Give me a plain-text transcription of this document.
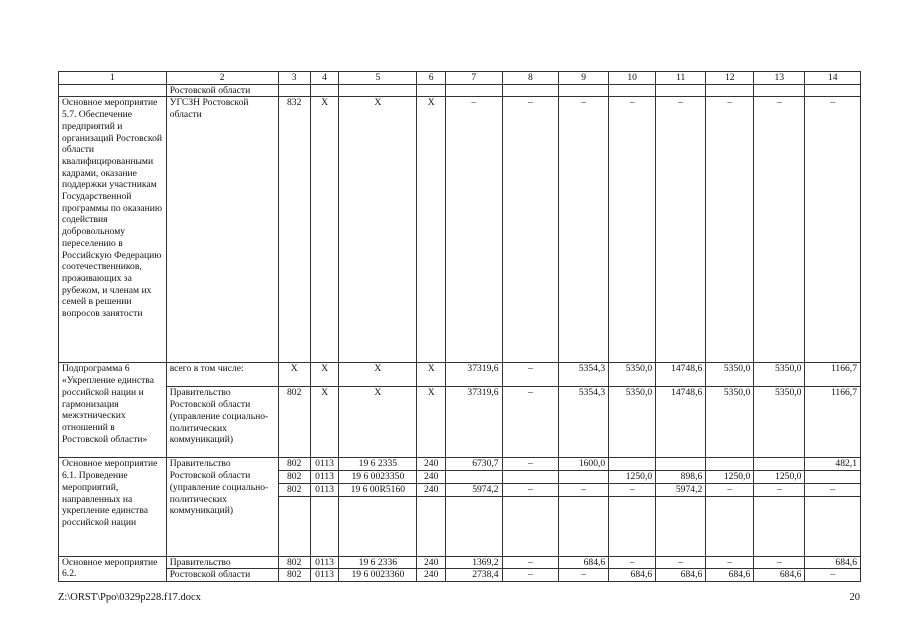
1	2	3	4	5	6	7	8	9	10	11	12	13	14
	Ростовской области												
Основное мероприятие 5.7. Обеспечение предприятий и организаций Ростовской области квалифицированными кадрами, оказание поддержки участникам Государственной программы по оказанию содействия добровольному переселению в Российскую Федерацию соотечественников, проживающих за рубежом, и членам их семей в решении вопросов занятости	УГСЗН Ростовской области	832	X	X	X	–	–	–	–	–	–	–	–
Подпрограмма 6 «Укрепление единства российской нации и гармонизация межэтнических отношений в Ростовской области»	всего в том числе:	X	X	X	X	37319,6	–	5354,3	5350,0	14748,6	5350,0	5350,0	1166,7
	Правительство Ростовской области (управление социально-политических коммуникаций)	802	X	X	X	37319,6	–	5354,3	5350,0	14748,6	5350,0	5350,0	1166,7
Основное мероприятие 6.1. Проведение мероприятий, направленных на укрепление единства российской нации	Правительство Ростовской области (управление социально-политических коммуникаций)	802	0113	19 6 2335	240	6730,7	–	1600,0					482,1
		802	0113	19 6 0023350	240				1250,0	898,6	1250,0	1250,0	
		802	0113	19 6 00R5160	240	5974,2	–	–	–	5974,2	–	–	–

Основное мероприятие 6.2.	Правительство	802	0113	19 6 2336	240	1369,2	–	684,6	–	–	–	–	684,6
	Ростовской области	802	0113	19 6 0023360	240	2738,4	–	–	684,6	684,6	684,6	684,6	–
Z:\ORST\Ppo\0329p228.f17.docx	20
